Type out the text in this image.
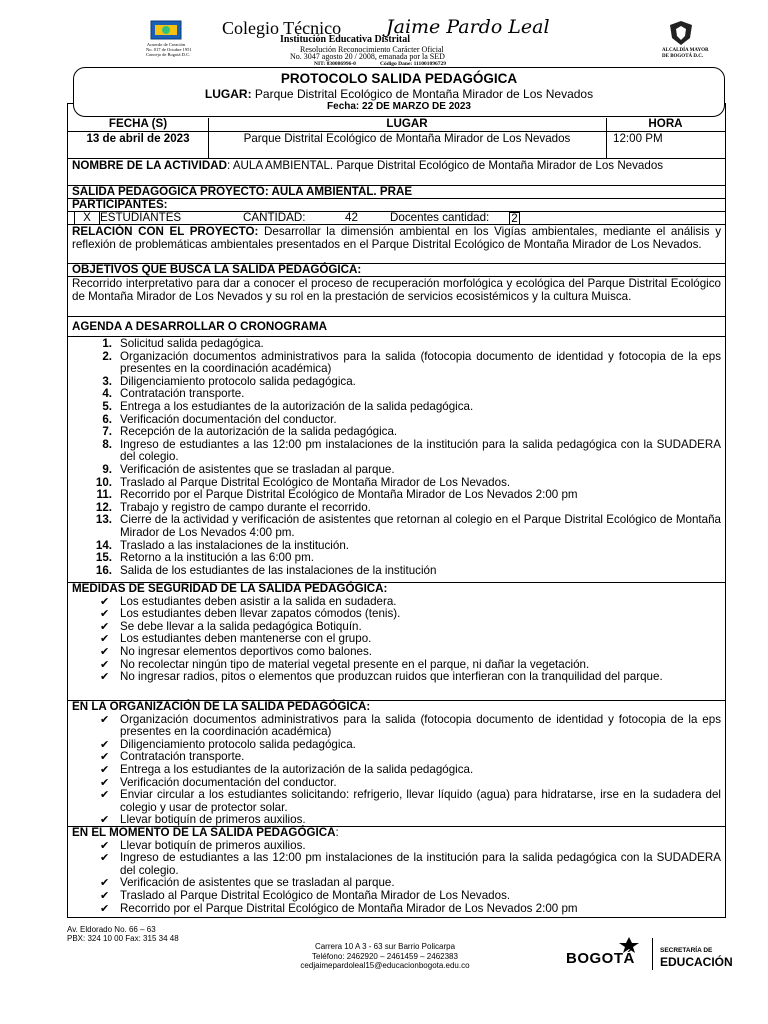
Acuerdo de Creación
No. 017 de Octubre 1951
Concejo de Bogotá D.C.
Colegio Técnico Jaime Pardo Leal
Institución Educativa Distrital
Resolución Reconocimiento Carácter Oficial
No. 3047 agosto 20 / 2008, emanada por la SED
NIT: 830086996-0	Código Dane: 111001096729
ALCALDÍA MAYOR
DE BOGOTÁ D.C.
PROTOCOLO SALIDA PEDAGÓGICA
LUGAR: Parque Distrital Ecológico de Montaña Mirador de Los Nevados
Fecha: 22 DE MARZO DE 2023
FECHA (S)	LUGAR	HORA
13 de abril de 2023	Parque Distrital Ecológico de Montaña Mirador de Los Nevados	12:00 PM
NOMBRE DE LA ACTIVIDAD: AULA AMBIENTAL. Parque Distrital Ecológico de Montaña Mirador de Los Nevados
SALIDA PEDAGOGICA PROYECTO: AULA AMBIENTAL. PRAE
PARTICIPANTES:
X ESTUDIANTES	CANTIDAD:	42	Docentes cantidad: 2
RELACIÓN CON EL PROYECTO: Desarrollar la dimensión ambiental en los Vigías ambientales, mediante el análisis y reflexión de problemáticas ambientales presentados en el Parque Distrital Ecológico de Montaña Mirador de Los Nevados.
OBJETIVOS QUE BUSCA LA SALIDA PEDAGÓGICA:
Recorrido interpretativo para dar a conocer el proceso de recuperación morfológica y ecológica del Parque Distrital Ecológico de Montaña Mirador de Los Nevados y su rol en la prestación de servicios ecosistémicos y la cultura Muisca.
AGENDA A DESARROLLAR O CRONOGRAMA
1. Solicitud salida pedagógica.
2. Organización documentos administrativos para la salida (fotocopia documento de identidad y fotocopia de la eps presentes en la coordinación académica)
3. Diligenciamiento protocolo salida pedagógica.
4. Contratación transporte.
5. Entrega a los estudiantes de la autorización de la salida pedagógica.
6. Verificación documentación del conductor.
7. Recepción de la autorización de la salida pedagógica.
8. Ingreso de estudiantes a las 12:00 pm instalaciones de la institución para la salida pedagógica con la SUDADERA del colegio.
9. Verificación de asistentes que se trasladan al parque.
10. Traslado al Parque Distrital Ecológico de Montaña Mirador de Los Nevados.
11. Recorrido por el Parque Distrital Ecológico de Montaña Mirador de Los Nevados 2:00 pm
12. Trabajo y registro de campo durante el recorrido.
13. Cierre de la actividad y verificación de asistentes que retornan al colegio en el Parque Distrital Ecológico de Montaña Mirador de Los Nevados 4:00 pm.
14. Traslado a las instalaciones de la institución.
15. Retorno a la institución a las 6:00 pm.
16. Salida de los estudiantes de las instalaciones de la institución
MEDIDAS DE SEGURIDAD DE LA SALIDA PEDAGÓGICA:
✔ Los estudiantes deben asistir a la salida en sudadera.
✔ Los estudiantes deben llevar zapatos cómodos (tenis).
✔ Se debe llevar a la salida pedagógica Botiquín.
✔ Los estudiantes deben mantenerse con el grupo.
✔ No ingresar elementos deportivos como balones.
✔ No recolectar ningún tipo de material vegetal presente en el parque, ni dañar la vegetación.
✔ No ingresar radios, pitos o elementos que produzcan ruidos que interfieran con la tranquilidad del parque.
EN LA ORGANIZACIÓN DE LA SALIDA PEDAGÓGICA:
✔ Organización documentos administrativos para la salida (fotocopia documento de identidad y fotocopia de la eps presentes en la coordinación académica)
✔ Diligenciamiento protocolo salida pedagógica.
✔ Contratación transporte.
✔ Entrega a los estudiantes de la autorización de la salida pedagógica.
✔ Verificación documentación del conductor.
✔ Enviar circular a los estudiantes solicitando: refrigerio, llevar líquido (agua) para hidratarse, irse en la sudadera del colegio y usar de protector solar.
✔ Llevar botiquín de primeros auxilios.
EN EL MOMENTO DE LA SALIDA PEDAGÓGICA:
✔ Llevar botiquín de primeros auxilios.
✔ Ingreso de estudiantes a las 12:00 pm instalaciones de la institución para la salida pedagógica con la SUDADERA del colegio.
✔ Verificación de asistentes que se trasladan al parque.
✔ Traslado al Parque Distrital Ecológico de Montaña Mirador de Los Nevados.
✔ Recorrido por el Parque Distrital Ecológico de Montaña Mirador de Los Nevados 2:00 pm
Av. Eldorado No. 66 – 63
PBX: 324 10 00 Fax: 315 34 48
Carrera 10 A 3 - 63 sur Barrio Policarpa
Teléfono: 2462920 – 2461459 – 2462383
cedjaimepardoleal15@educacionbogota.edu.co	BOGOTÁ	SECRETARÍA DE
EDUCACIÓN
